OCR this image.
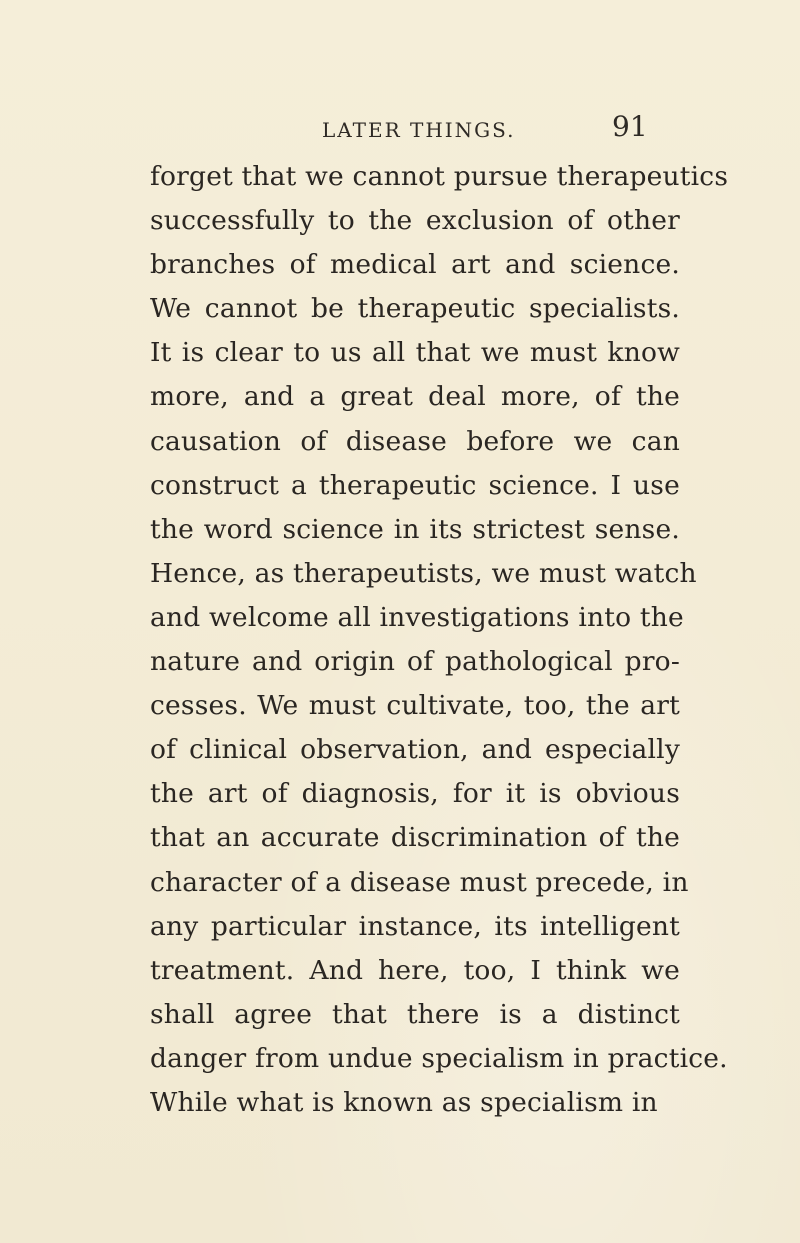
LATER THINGS.	91
forget that we cannot pursue therapeutics
successfully to the exclusion of other
branches of medical art and science.
We cannot be therapeutic specialists.
It is clear to us all that we must know
more, and a great deal more, of the
causation of disease before we can
construct a therapeutic science. I use
the word science in its strictest sense.
Hence, as therapeutists, we must watch
and welcome all investigations into the
nature and origin of pathological pro-
cesses. We must cultivate, too, the art
of clinical observation, and especially
the art of diagnosis, for it is obvious
that an accurate discrimination of the
character of a disease must precede, in
any particular instance, its intelligent
treatment. And here, too, I think we
shall agree that there is a distinct
danger from undue specialism in practice.
While what is known as specialism in
